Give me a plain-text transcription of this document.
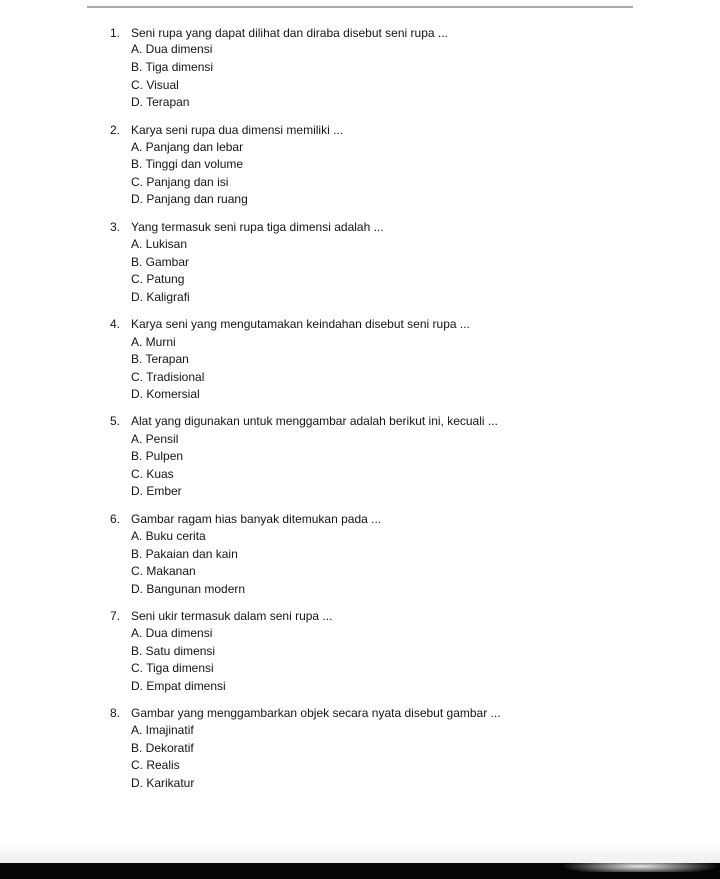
1. Seni rupa yang dapat dilihat dan diraba disebut seni rupa ...
A. Dua dimensi
B. Tiga dimensi
C. Visual
D. Terapan
2. Karya seni rupa dua dimensi memiliki ...
A. Panjang dan lebar
B. Tinggi dan volume
C. Panjang dan isi
D. Panjang dan ruang
3. Yang termasuk seni rupa tiga dimensi adalah ...
A. Lukisan
B. Gambar
C. Patung
D. Kaligrafi
4. Karya seni yang mengutamakan keindahan disebut seni rupa ...
A. Murni
B. Terapan
C. Tradisional
D. Komersial
5. Alat yang digunakan untuk menggambar adalah berikut ini, kecuali ...
A. Pensil
B. Pulpen
C. Kuas
D. Ember
6. Gambar ragam hias banyak ditemukan pada ...
A. Buku cerita
B. Pakaian dan kain
C. Makanan
D. Bangunan modern
7. Seni ukir termasuk dalam seni rupa ...
A. Dua dimensi
B. Satu dimensi
C. Tiga dimensi
D. Empat dimensi
8. Gambar yang menggambarkan objek secara nyata disebut gambar ...
A. Imajinatif
B. Dekoratif
C. Realis
D. Karikatur
